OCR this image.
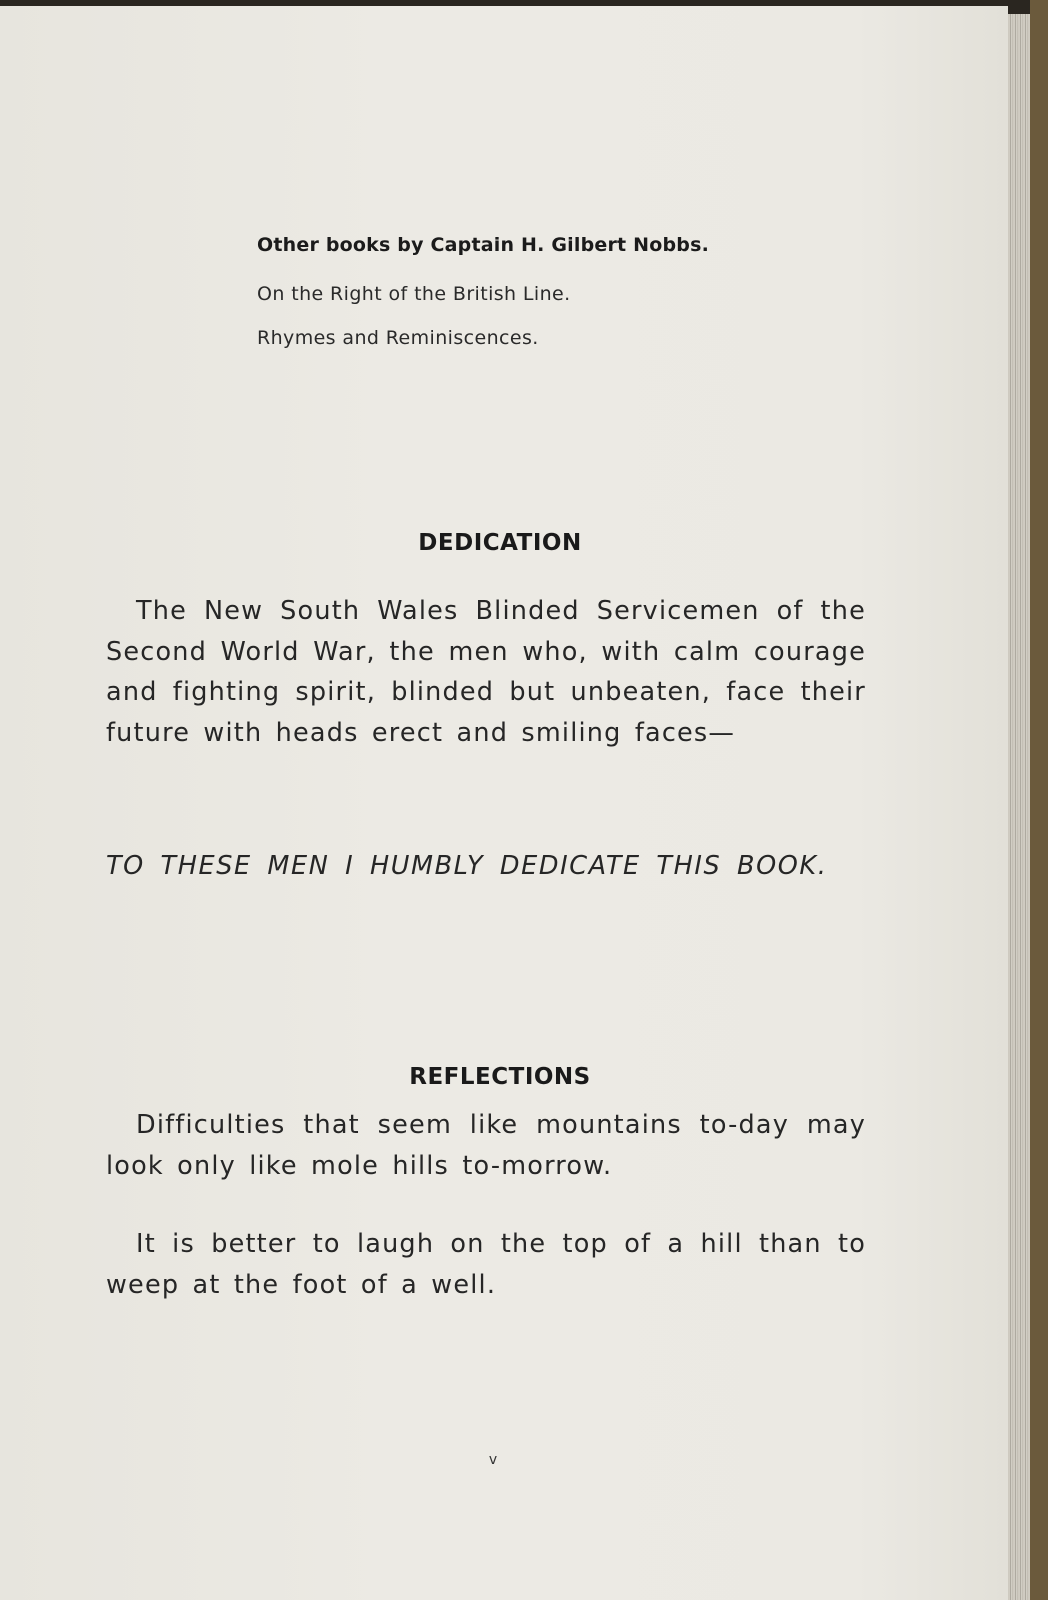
Other books by Captain H. Gilbert Nobbs.
On the Right of the British Line.
Rhymes and Reminiscences.
DEDICATION

The New South Wales Blinded Servicemen of the Second World War, the men who, with calm courage and fighting spirit, blinded but unbeaten, face their future with heads erect and smiling faces—

TO THESE MEN I HUMBLY DEDICATE THIS BOOK.

REFLECTIONS

Difficulties that seem like mountains to-day may look only like mole hills to-morrow.

It is better to laugh on the top of a hill than to weep at the foot of a well.

v
